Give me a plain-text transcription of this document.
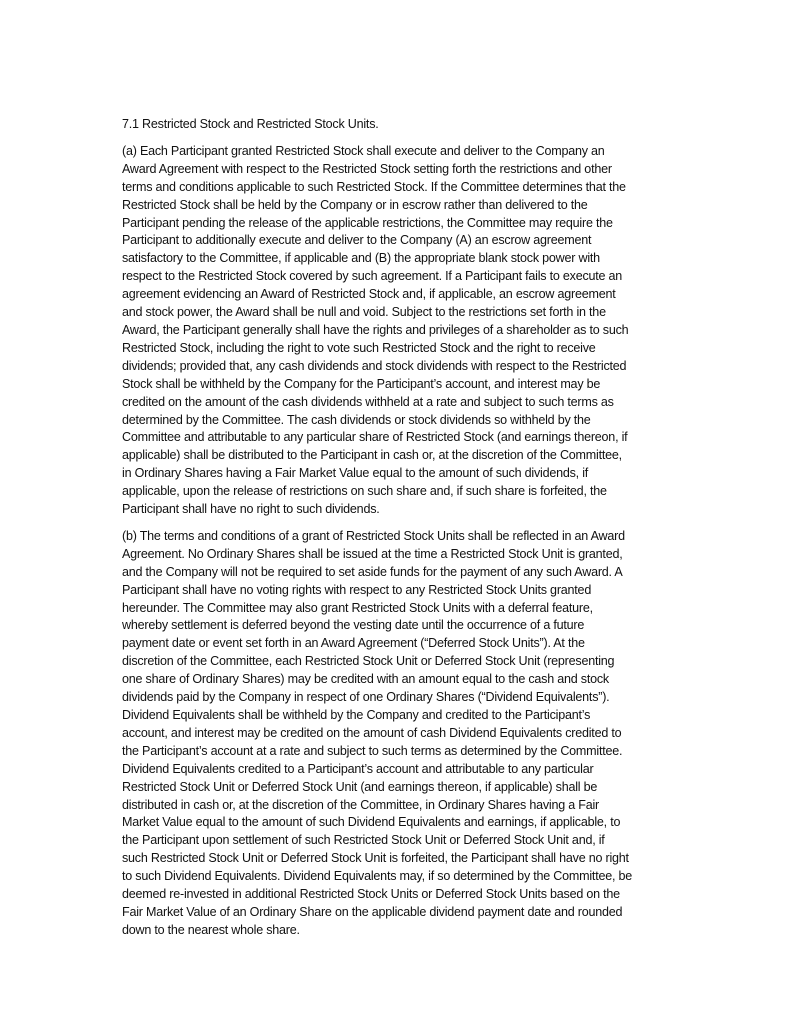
7.1 Restricted Stock and Restricted Stock Units.
(a) Each Participant granted Restricted Stock shall execute and deliver to the Company an
Award Agreement with respect to the Restricted Stock setting forth the restrictions and other
terms and conditions applicable to such Restricted Stock. If the Committee determines that the
Restricted Stock shall be held by the Company or in escrow rather than delivered to the
Participant pending the release of the applicable restrictions, the Committee may require the
Participant to additionally execute and deliver to the Company (A) an escrow agreement
satisfactory to the Committee, if applicable and (B) the appropriate blank stock power with
respect to the Restricted Stock covered by such agreement. If a Participant fails to execute an
agreement evidencing an Award of Restricted Stock and, if applicable, an escrow agreement
and stock power, the Award shall be null and void. Subject to the restrictions set forth in the
Award, the Participant generally shall have the rights and privileges of a shareholder as to such
Restricted Stock, including the right to vote such Restricted Stock and the right to receive
dividends; provided that, any cash dividends and stock dividends with respect to the Restricted
Stock shall be withheld by the Company for the Participant’s account, and interest may be
credited on the amount of the cash dividends withheld at a rate and subject to such terms as
determined by the Committee. The cash dividends or stock dividends so withheld by the
Committee and attributable to any particular share of Restricted Stock (and earnings thereon, if
applicable) shall be distributed to the Participant in cash or, at the discretion of the Committee,
in Ordinary Shares having a Fair Market Value equal to the amount of such dividends, if
applicable, upon the release of restrictions on such share and, if such share is forfeited, the
Participant shall have no right to such dividends.
(b) The terms and conditions of a grant of Restricted Stock Units shall be reflected in an Award
Agreement. No Ordinary Shares shall be issued at the time a Restricted Stock Unit is granted,
and the Company will not be required to set aside funds for the payment of any such Award. A
Participant shall have no voting rights with respect to any Restricted Stock Units granted
hereunder. The Committee may also grant Restricted Stock Units with a deferral feature,
whereby settlement is deferred beyond the vesting date until the occurrence of a future
payment date or event set forth in an Award Agreement (“Deferred Stock Units”). At the
discretion of the Committee, each Restricted Stock Unit or Deferred Stock Unit (representing
one share of Ordinary Shares) may be credited with an amount equal to the cash and stock
dividends paid by the Company in respect of one Ordinary Shares (“Dividend Equivalents”).
Dividend Equivalents shall be withheld by the Company and credited to the Participant’s
account, and interest may be credited on the amount of cash Dividend Equivalents credited to
the Participant’s account at a rate and subject to such terms as determined by the Committee.
Dividend Equivalents credited to a Participant’s account and attributable to any particular
Restricted Stock Unit or Deferred Stock Unit (and earnings thereon, if applicable) shall be
distributed in cash or, at the discretion of the Committee, in Ordinary Shares having a Fair
Market Value equal to the amount of such Dividend Equivalents and earnings, if applicable, to
the Participant upon settlement of such Restricted Stock Unit or Deferred Stock Unit and, if
such Restricted Stock Unit or Deferred Stock Unit is forfeited, the Participant shall have no right
to such Dividend Equivalents. Dividend Equivalents may, if so determined by the Committee, be
deemed re-invested in additional Restricted Stock Units or Deferred Stock Units based on the
Fair Market Value of an Ordinary Share on the applicable dividend payment date and rounded
down to the nearest whole share.
